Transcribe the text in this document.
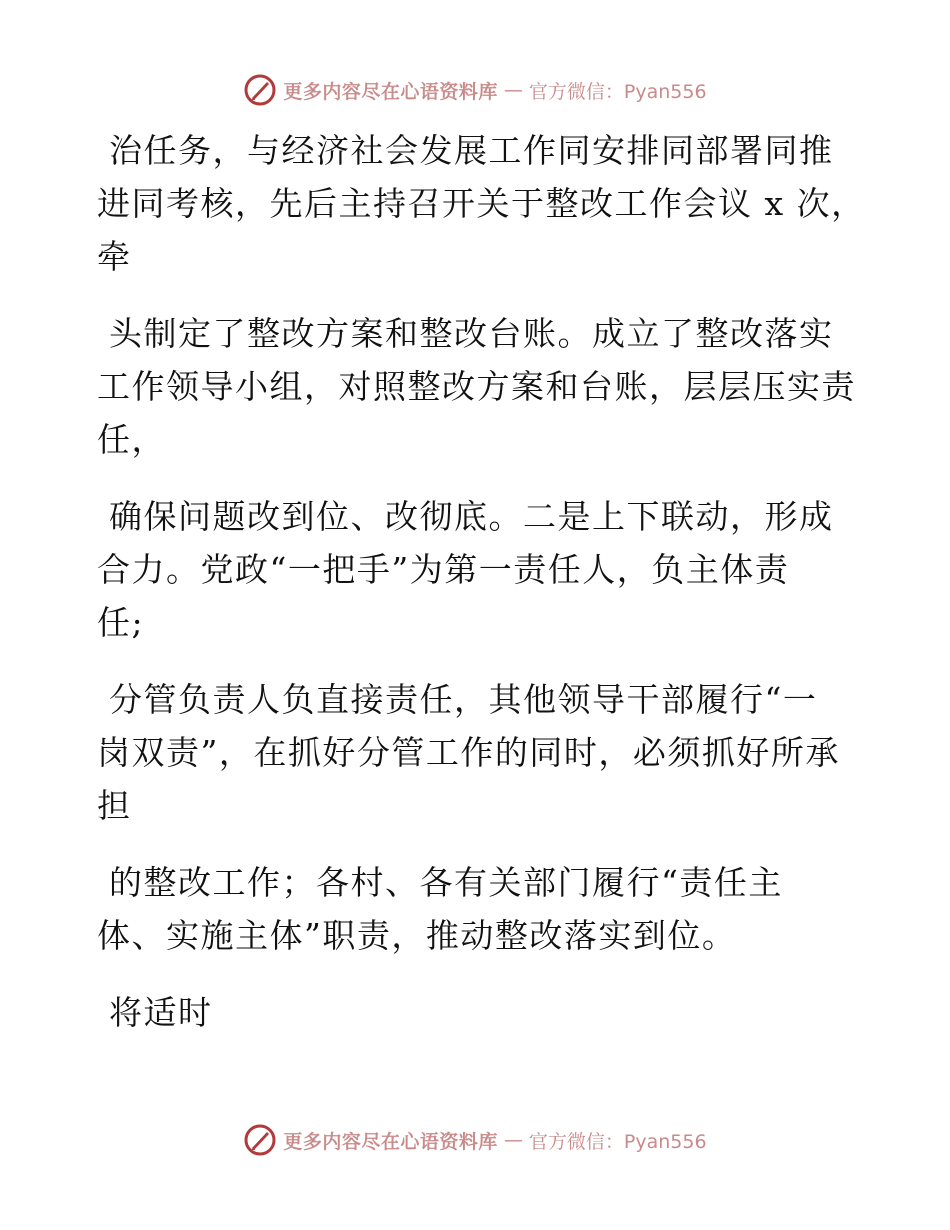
更多内容尽在心语资料库 — 官方微信：Pyan556
治任务，与经济社会发展工作同安排同部署同推
进同考核，先后主持召开关于整改工作会议 x 次，
牵
头制定了整改方案和整改台账。成立了整改落实
工作领导小组，对照整改方案和台账，层层压实责
任，
确保问题改到位、改彻底。二是上下联动，形成
合力。党政“一把手”为第一责任人，负主体责
任;
分管负责人负直接责任，其他领导干部履行“一
岗双责”，在抓好分管工作的同时，必须抓好所承
担
的整改工作；各村、各有关部门履行“责任主
体、实施主体”职责，推动整改落实到位。
将适时
更多内容尽在心语资料库 — 官方微信：Pyan556
